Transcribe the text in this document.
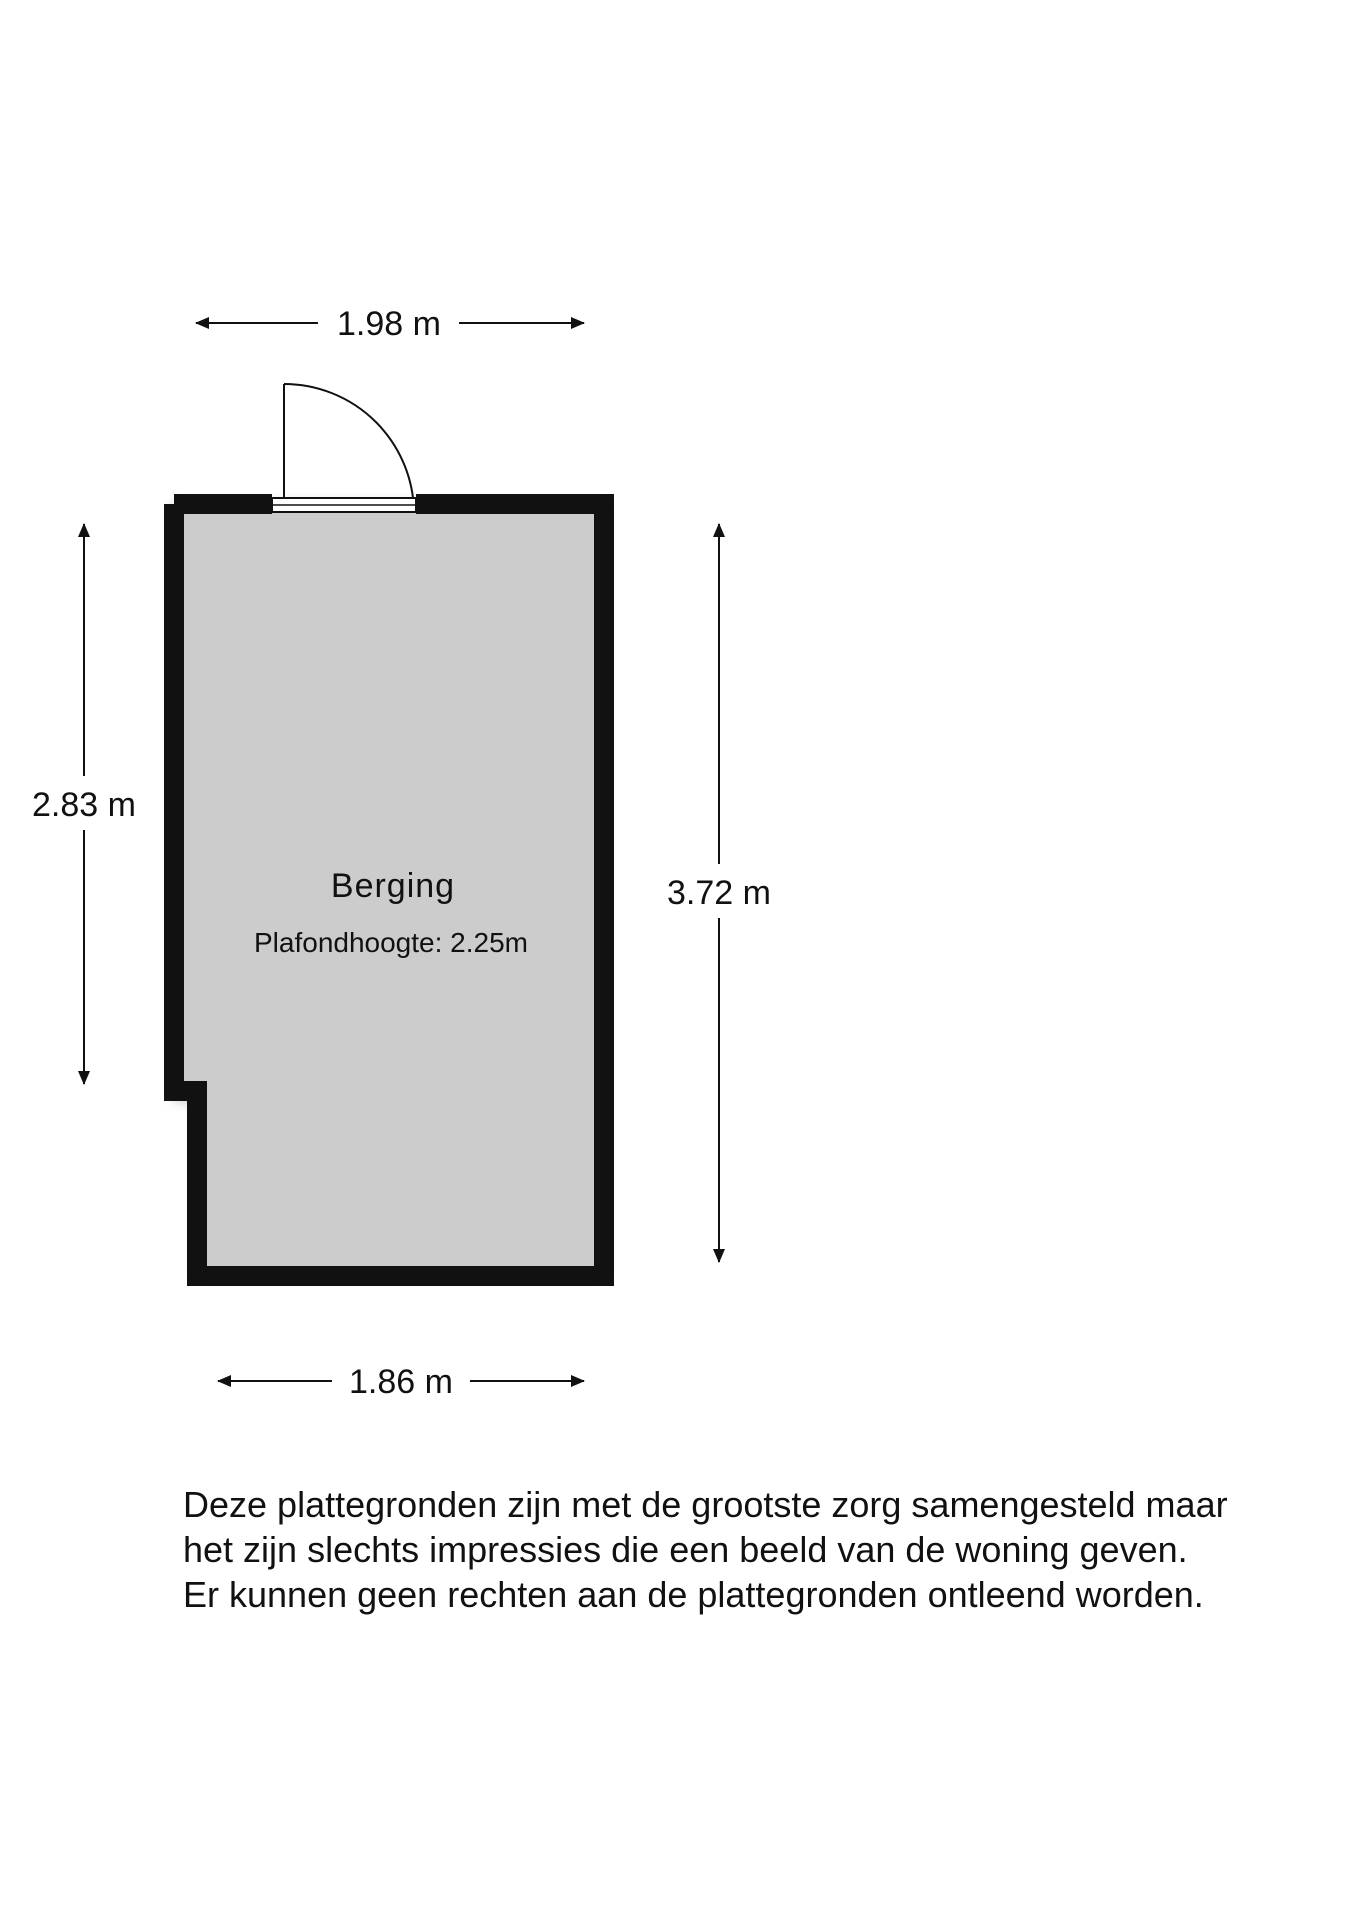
1.98 m
Berging
Plafondhoogte: 2.25m
2.83 m
3.72 m
1.86 m
Deze plattegronden zijn met de grootste zorg samengesteld maar
het zijn slechts impressies die een beeld van de woning geven.
Er kunnen geen rechten aan de plattegronden ontleend worden.
